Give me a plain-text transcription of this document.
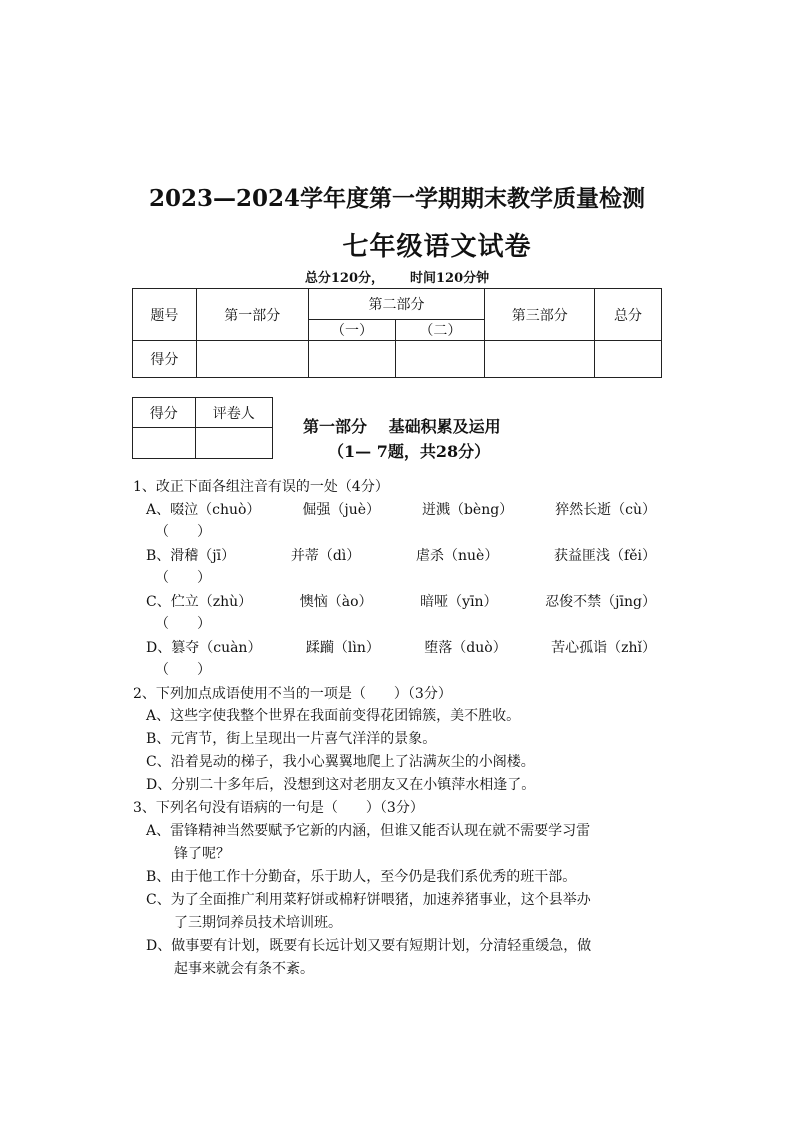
2023—2024学年度第一学期期末教学质量检测
七年级语文试卷
总分120分， 时间120分钟
题号	第一部分	第二部分		第三部分	总分
		（一）	（二）		
得分					
得分	评卷人

第一部分　 基础积累及运用
（1— 7题，共28分）
1、改正下面各组注音有误的一处（4分）
A、啜泣（chuò）	倔强（juè）	迸溅（bèng）	猝然长逝（cù）
（　　）
B、滑稽（jī）	并蒂（dì）	虐杀（nuè）	获益匪浅（fěi）
（　　）
C、伫立（zhù）	懊恼（ào）	暗哑（yīn）	忍俊不禁（jīng）
（　　）
D、篡夺（cuàn）	蹂躏（lìn）	堕落（duò）	苦心孤诣（zhǐ）
（　　）
2、下列加点成语使用不当的一项是（　　）（3分）
A、这些字使我整个世界在我面前变得花团锦簇，美不胜收。
B、元宵节，街上呈现出一片喜气洋洋的景象。
C、沿着晃动的梯子，我小心翼翼地爬上了沾满灰尘的小阁楼。
D、分别二十多年后，没想到这对老朋友又在小镇萍水相逢了。
3、下列名句没有语病的一句是（　　）（3分）
A、雷锋精神当然要赋予它新的内涵，但谁又能否认现在就不需要学习雷
锋了呢？
B、由于他工作十分勤奋，乐于助人，至今仍是我们系优秀的班干部。
C、为了全面推广利用菜籽饼或棉籽饼喂猪，加速养猪事业，这个县举办
了三期饲养员技术培训班。
D、做事要有计划，既要有长远计划又要有短期计划，分清轻重缓急，做
起事来就会有条不紊。
